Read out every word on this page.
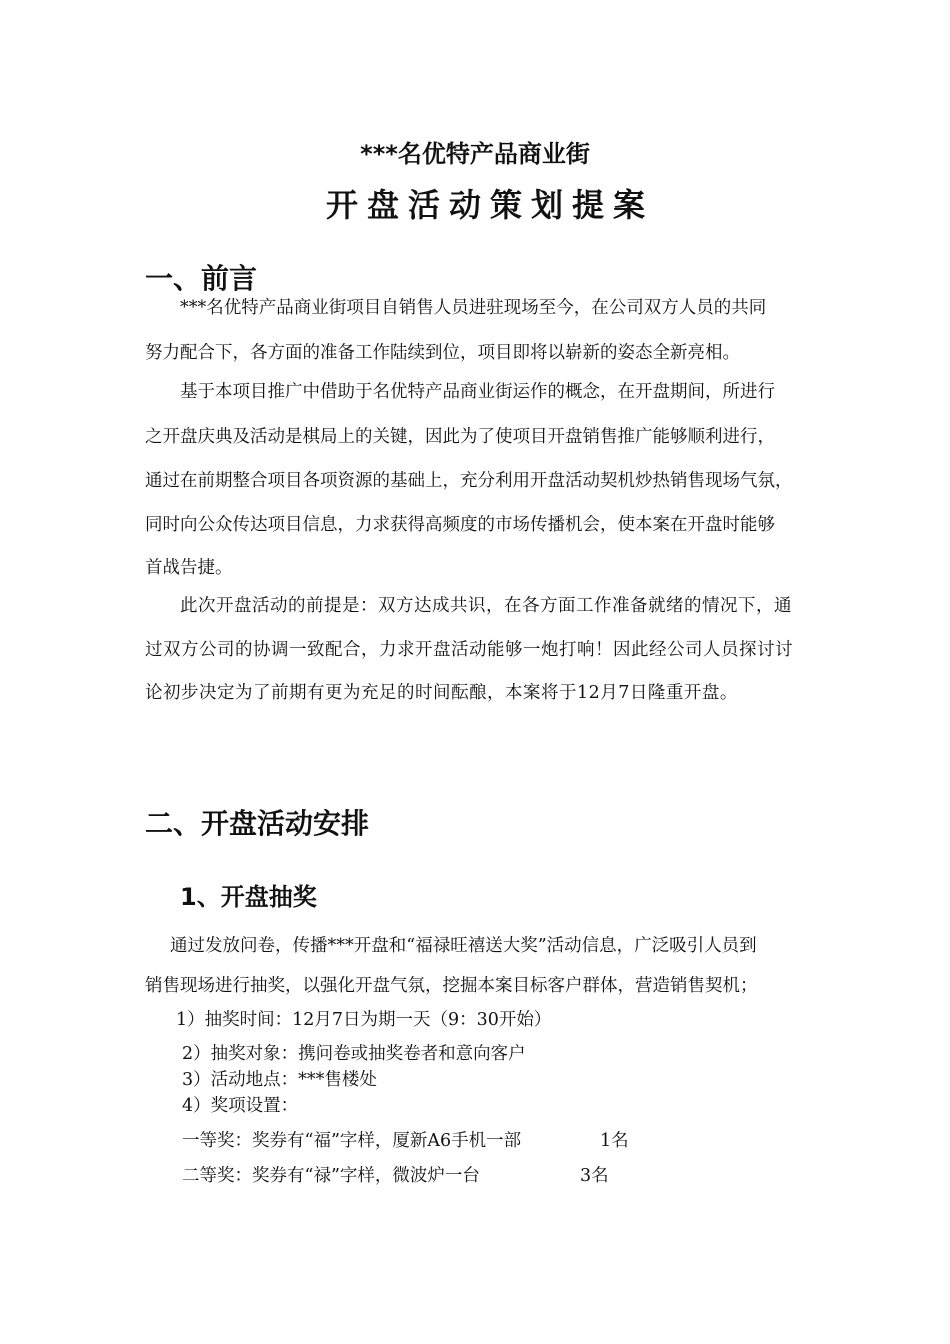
***名优特产品商业街
开盘活动策划提案
一、前言
***名优特产品商业街项目自销售人员进驻现场至今，在公司双方人员的共同
努力配合下，各方面的准备工作陆续到位，项目即将以崭新的姿态全新亮相。
基于本项目推广中借助于名优特产品商业街运作的概念，在开盘期间，所进行
之开盘庆典及活动是棋局上的关键，因此为了使项目开盘销售推广能够顺利进行，
通过在前期整合项目各项资源的基础上，充分利用开盘活动契机炒热销售现场气氛，
同时向公众传达项目信息，力求获得高频度的市场传播机会，使本案在开盘时能够
首战告捷。
此次开盘活动的前提是：双方达成共识，在各方面工作准备就绪的情况下，通
过双方公司的协调一致配合，力求开盘活动能够一炮打响！因此经公司人员探讨讨
论初步决定为了前期有更为充足的时间酝酿，本案将于12月7日隆重开盘。
二、开盘活动安排
1、开盘抽奖
通过发放问卷，传播***开盘和“福禄旺禧送大奖”活动信息，广泛吸引人员到
销售现场进行抽奖，以强化开盘气氛，挖掘本案目标客户群体，营造销售契机；
1）抽奖时间：12月7日为期一天（9：30开始）
2）抽奖对象：携问卷或抽奖卷者和意向客户
3）活动地点：***售楼处
4）奖项设置：
一等奖：奖券有“福”字样，厦新A6手机一部	1名
二等奖：奖券有“禄”字样，微波炉一台	3名
